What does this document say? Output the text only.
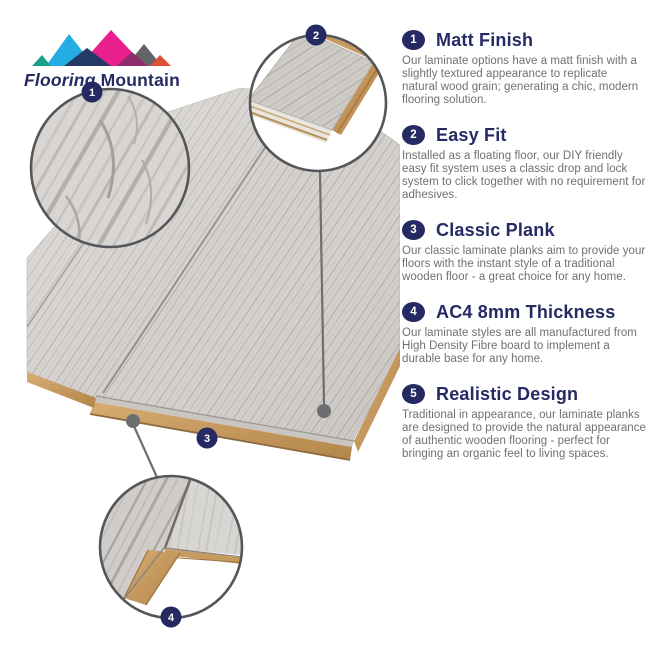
1
2
3
4
Flooring Mountain
1	Matt Finish

Our laminate options have a matt finish with a slightly textured appearance to replicate natural wood grain; generating a chic, modern flooring solution.

2	Easy Fit

Installed as a floating floor, our DIY friendly easy fit system uses a classic drop and lock system to click together with no requirement for adhesives.

3	Classic Plank

Our classic laminate planks aim to provide your floors with the instant style of a traditional wooden floor - a great choice for any home.

4	AC4 8mm Thickness

Our laminate styles are all manufactured from High Density Fibre board to implement a durable base for any home.

5	Realistic Design

Traditional in appearance, our laminate planks are designed to provide the natural appearance of authentic wooden flooring - perfect for bringing an organic feel to living spaces.
